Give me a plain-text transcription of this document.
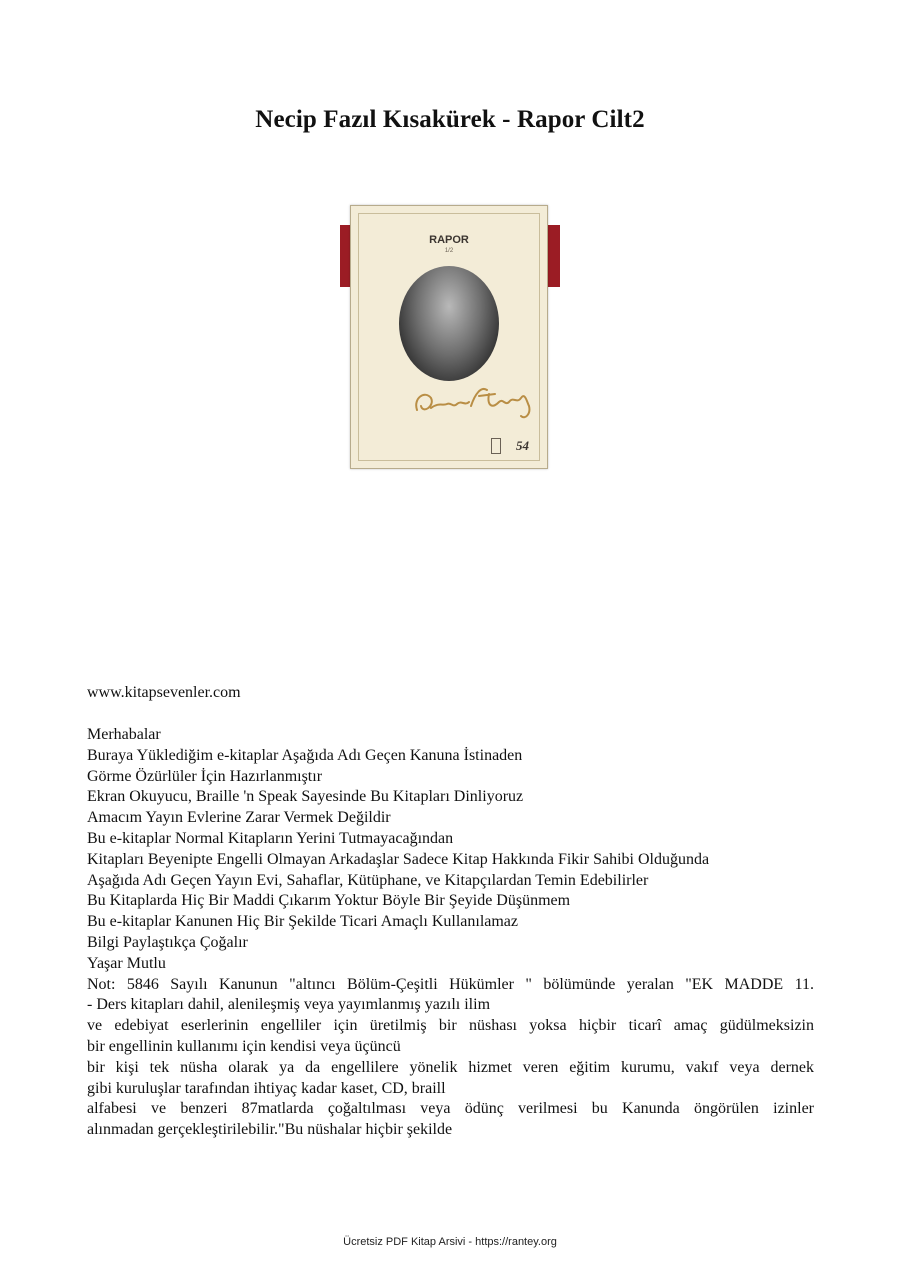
Necip Fazıl Kısakürek - Rapor Cilt2
RAPOR
1/2
54
www.kitapsevenler.com
Merhabalar
Buraya Yüklediğim e-kitaplar Aşağıda Adı Geçen Kanuna İstinaden
Görme Özürlüler İçin Hazırlanmıştır
Ekran Okuyucu, Braille 'n Speak Sayesinde Bu Kitapları Dinliyoruz
Amacım Yayın Evlerine Zarar Vermek Değildir
Bu e-kitaplar Normal Kitapların Yerini Tutmayacağından
Kitapları Beyenipte Engelli Olmayan Arkadaşlar Sadece Kitap Hakkında Fikir Sahibi Olduğunda
Aşağıda Adı Geçen Yayın Evi, Sahaflar, Kütüphane, ve Kitapçılardan Temin Edebilirler
Bu Kitaplarda Hiç Bir Maddi Çıkarım Yoktur Böyle Bir Şeyide Düşünmem
Bu e-kitaplar Kanunen Hiç Bir Şekilde Ticari Amaçlı Kullanılamaz
Bilgi Paylaştıkça Çoğalır
Yaşar Mutlu
Not: 5846 Sayılı Kanunun "altıncı Bölüm-Çeşitli Hükümler " bölümünde yeralan "EK MADDE 11.
- Ders kitapları dahil, alenileşmiş veya yayımlanmış yazılı ilim
ve edebiyat eserlerinin engelliler için üretilmiş bir nüshası yoksa hiçbir ticarî amaç güdülmeksizin
bir engellinin kullanımı için kendisi veya üçüncü
bir kişi tek nüsha olarak ya da engellilere yönelik hizmet veren eğitim kurumu, vakıf veya dernek
gibi kuruluşlar tarafından ihtiyaç kadar kaset, CD, braill
alfabesi ve benzeri 87matlarda çoğaltılması veya ödünç verilmesi bu Kanunda öngörülen izinler
alınmadan gerçekleştirilebilir."Bu nüshalar hiçbir şekilde
Ücretsiz PDF Kitap Arsivi - https://rantey.org
